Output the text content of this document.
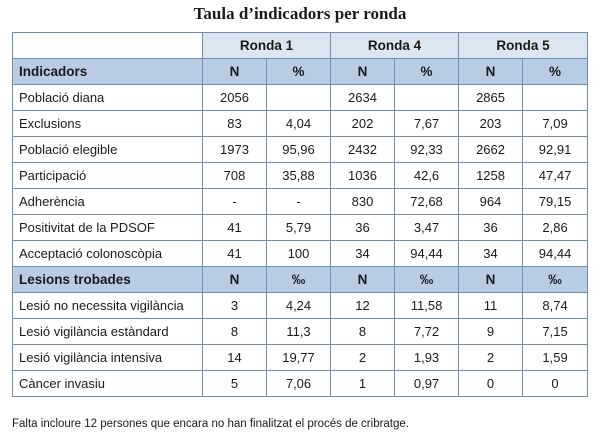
Taula d’indicadors per ronda
	Ronda 1		Ronda 4		Ronda 5	
Indicadors	N	%	N	%	N	%
Població diana	2056		2634		2865	
Exclusions	83	4,04	202	7,67	203	7,09
Població elegible	1973	95,96	2432	92,33	2662	92,91
Participació	708	35,88	1036	42,6	1258	47,47
Adherència	-	-	830	72,68	964	79,15
Positivitat de la PDSOF	41	5,79	36	3,47	36	2,86
Acceptació colonoscòpia	41	100	34	94,44	34	94,44
Lesions trobades	N	‰	N	‰	N	‰
Lesió no necessita vigilància	3	4,24	12	11,58	11	8,74
Lesió vigilància estàndard	8	11,3	8	7,72	9	7,15
Lesió vigilància intensiva	14	19,77	2	1,93	2	1,59
Càncer invasiu	5	7,06	1	0,97	0	0
Falta incloure 12 persones que encara no han finalitzat el procés de cribratge.
